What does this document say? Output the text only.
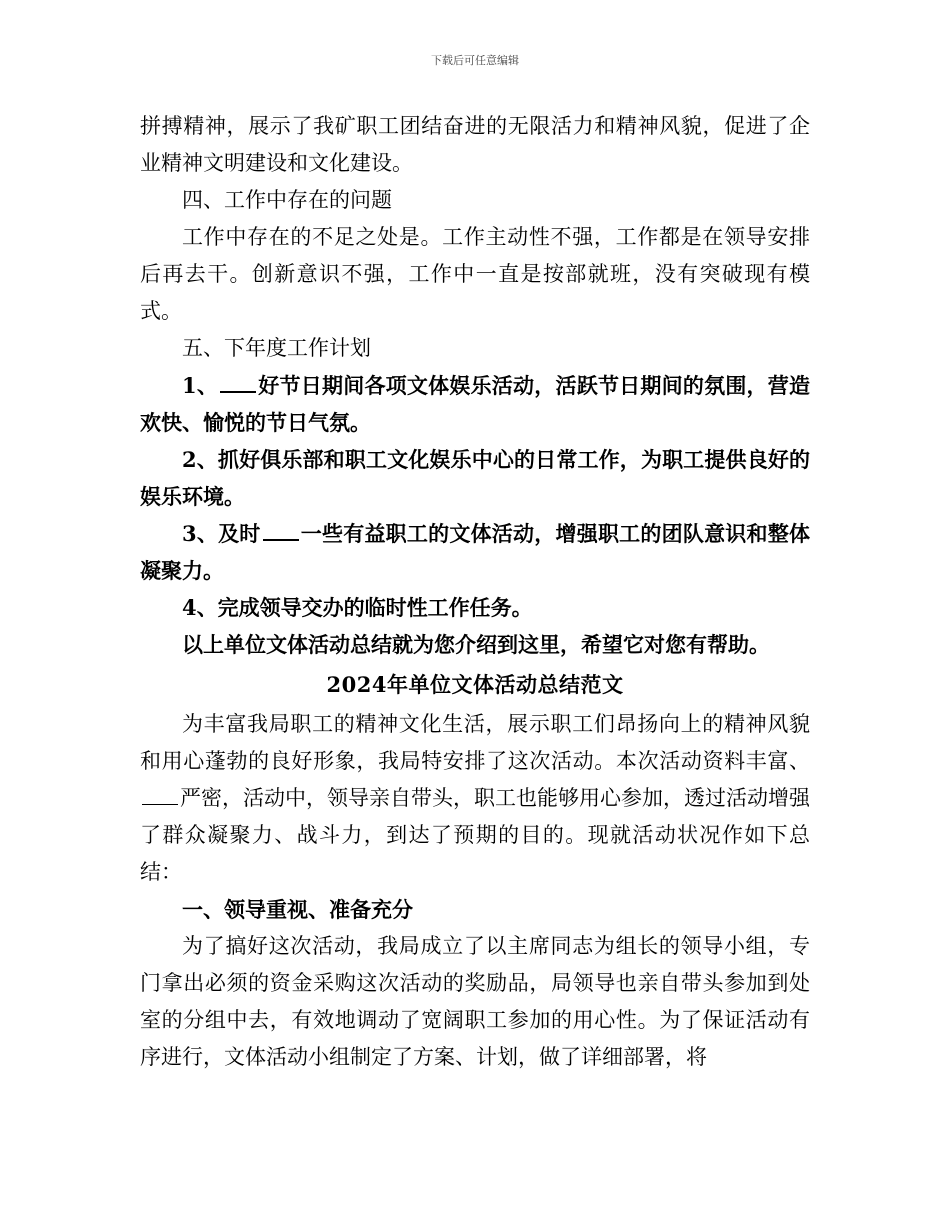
下载后可任意编辑

拼搏精神，展示了我矿职工团结奋进的无限活力和精神风貌，促进了企业精神文明建设和文化建设。

四、工作中存在的问题

工作中存在的不足之处是。工作主动性不强，工作都是在领导安排后再去干。创新意识不强，工作中一直是按部就班，没有突破现有模式。

五、下年度工作计划

1、 好节日期间各项文体娱乐活动，活跃节日期间的氛围，营造欢快、愉悦的节日气氛。

2、抓好俱乐部和职工文化娱乐中心的日常工作，为职工提供良好的娱乐环境。

3、及时 一些有益职工的文体活动，增强职工的团队意识和整体凝聚力。

4、完成领导交办的临时性工作任务。

以上单位文体活动总结就为您介绍到这里，希望它对您有帮助。

2024年单位文体活动总结范文

为丰富我局职工的精神文化生活，展示职工们昂扬向上的精神风貌和用心蓬勃的良好形象，我局特安排了这次活动。本次活动资料丰富、严密，活动中，领导亲自带头，职工也能够用心参加，透过活动增强了群众凝聚力、战斗力，到达了预期的目的。现就活动状况作如下总结：

一、领导重视、准备充分

为了搞好这次活动，我局成立了以主席同志为组长的领导小组，专门拿出必须的资金采购这次活动的奖励品，局领导也亲自带头参加到处室的分组中去，有效地调动了宽阔职工参加的用心性。为了保证活动有序进行，文体活动小组制定了方案、计划，做了详细部署，将
